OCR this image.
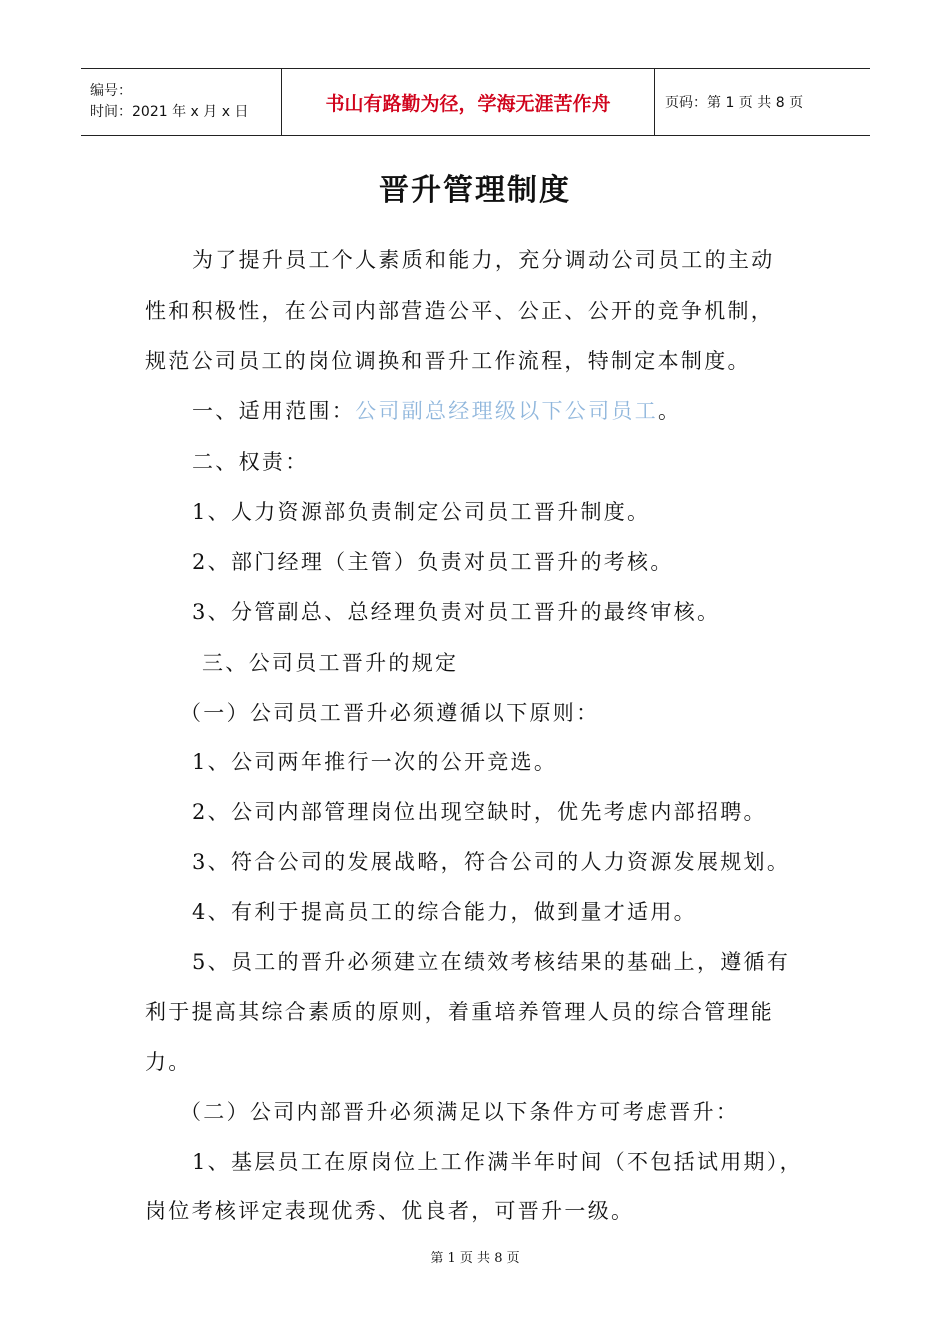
编号：
时间：2021 年 x 月 x 日	书山有路勤为径，学海无涯苦作舟	页码：第 1 页 共 8 页
晋升管理制度
为了提升员工个人素质和能力，充分调动公司员工的主动
性和积极性，在公司内部营造公平、公正、公开的竞争机制，
规范公司员工的岗位调换和晋升工作流程，特制定本制度。
一、适用范围：公司副总经理级以下公司员工。
二、权责：
1、人力资源部负责制定公司员工晋升制度。
2、部门经理（主管）负责对员工晋升的考核。
3、分管副总、总经理负责对员工晋升的最终审核。
三、公司员工晋升的规定
（一）公司员工晋升必须遵循以下原则：
1、公司两年推行一次的公开竞选。
2、公司内部管理岗位出现空缺时，优先考虑内部招聘。
3、符合公司的发展战略，符合公司的人力资源发展规划。
4、有利于提高员工的综合能力，做到量才适用。
5、员工的晋升必须建立在绩效考核结果的基础上，遵循有
利于提高其综合素质的原则，着重培养管理人员的综合管理能
力。
（二）公司内部晋升必须满足以下条件方可考虑晋升：
1、基层员工在原岗位上工作满半年时间（不包括试用期），
岗位考核评定表现优秀、优良者，可晋升一级。
第 1 页 共 8 页
